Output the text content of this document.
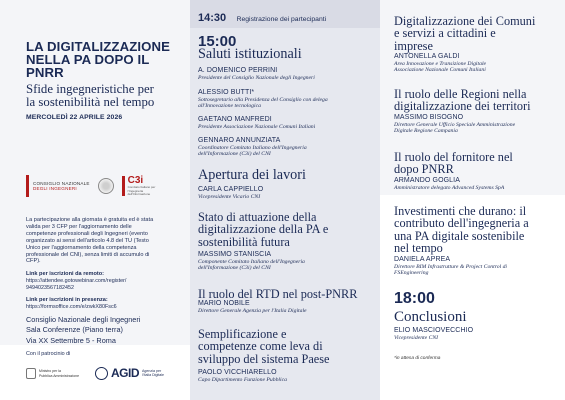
LA DIGITALIZZAZIONE
NELLA PA DOPO IL
PNRR
Sfide ingegneristiche per
la sostenibilità nel tempo
MERCOLEDÌ 22 APRILE 2026
CONSIGLIO NAZIONALE
DEGLI INGEGNERI
C3i
Comitato Italiano per l'Ingegneria dell'Informazione
La partecipazione alla giornata è gratuita ed è stata
valida per 3 CFP per l'aggiornamento delle
competenze professionali degli Ingegneri (evento
organizzato ai sensi dell'articolo 4.8 del TU (Testo
Unico per l'aggiornamento della competenza
professionale del CNI), senza limiti di accumulo di
CFP).
Link per iscrizioni da remoto:
https://attendee.gotowebinar.com/register/
9494023567182452
Link per iscrizioni in presenza:
https://formsoffice.com/e/zwkX80Fsc6
Consiglio Nazionale degli Ingegneri
Sala Conferenze (Piano terra)
Via XX Settembre 5 - Roma
Con il patrocinio di
Ministro per la
Pubblica Amministrazione	AGID Agenzia per
l'Italia Digitale
14:30 Registrazione dei partecipanti
15:00
Saluti istituzionali
A. DOMENICO PERRINI
Presidente del Consiglio Nazionale degli Ingegneri
ALESSIO BUTTI*
Sottosegretario alla Presidenza del Consiglio con delega
all'Innovazione tecnologica
GAETANO MANFREDI
Presidente Associazione Nazionale Comuni Italiani
GENNARO ANNUNZIATA
Coordinatore Comitato Italiano dell'Ingegneria
dell'Informazione (C3i) del CNI
Apertura dei lavori
CARLA CAPPIELLO
Vicepresidente Vicario CNI
Stato di attuazione della
digitalizzazione della PA e
sostenibilità futura
MASSIMO STANISCIA
Componente Comitato Italiano dell'Ingegneria
dell'Informazione (C3i) del CNI
Il ruolo del RTD nel post-PNRR
MARIO NOBILE
Direttore Generale Agenzia per l'Italia Digitale
Semplificazione e
competenze come leva di
sviluppo del sistema Paese
PAOLO VICCHIARELLO
Capo Dipartimento Funzione Pubblica
Digitalizzazione dei Comuni
e servizi a cittadini e
imprese
ANTONELLA GALDI
Area Innovazione e Transizione Digitale
Associazione Nazionale Comuni Italiani
Il ruolo delle Regioni nella
digitalizzazione dei territori
MASSIMO BISOGNO
Direttore Generale Ufficio Speciale Amministrazione
Digitale Regione Campania
Il ruolo del fornitore nel
dopo PNRR
ARMANDO GOGLIA
Amministratore delegato Advanced Systems SpA
Investimenti che durano: il
contributo dell'ingegneria a
una PA digitale sostenibile
nel tempo
DANIELA APREA
Direttore BIM Infrastrutture & Project Control di
FSEngineering
18:00
Conclusioni
ELIO MASCIOVECCHIO
Vicepresidente CNI
*in attesa di conferma
